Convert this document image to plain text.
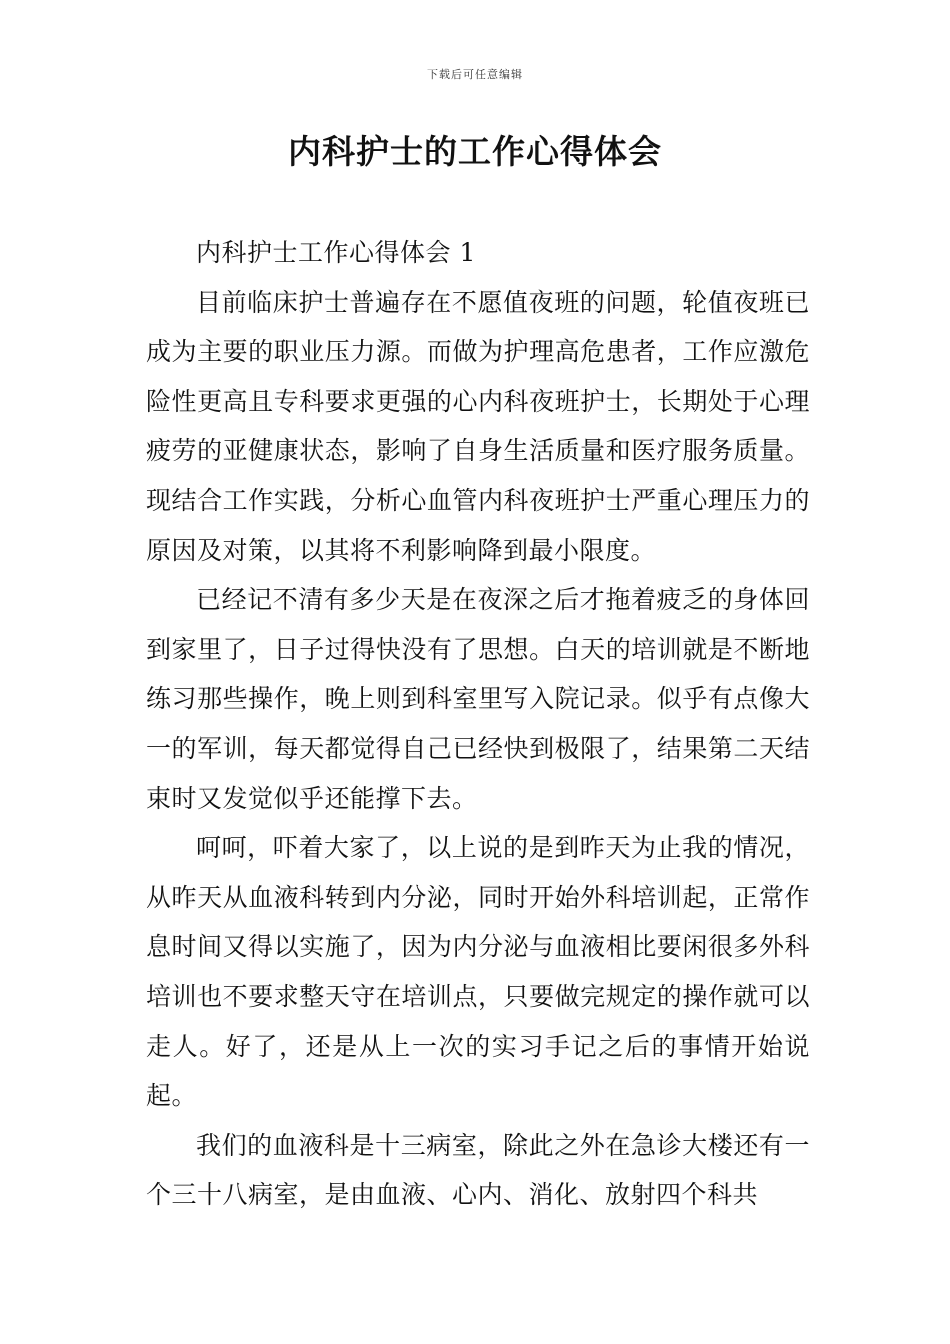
下载后可任意编辑
内科护士的工作心得体会

内科护士工作心得体会 1

目前临床护士普遍存在不愿值夜班的问题，轮值夜班已成为主要的职业压力源。而做为护理高危患者，工作应激危险性更高且专科要求更强的心内科夜班护士，长期处于心理疲劳的亚健康状态，影响了自身生活质量和医疗服务质量。现结合工作实践，分析心血管内科夜班护士严重心理压力的原因及对策，以其将不利影响降到最小限度。

已经记不清有多少天是在夜深之后才拖着疲乏的身体回到家里了，日子过得快没有了思想。白天的培训就是不断地练习那些操作，晚上则到科室里写入院记录。似乎有点像大一的军训，每天都觉得自己已经快到极限了，结果第二天结束时又发觉似乎还能撑下去。

呵呵，吓着大家了，以上说的是到昨天为止我的情况，从昨天从血液科转到内分泌，同时开始外科培训起，正常作息时间又得以实施了，因为内分泌与血液相比要闲很多外科培训也不要求整天守在培训点，只要做完规定的操作就可以走人。好了，还是从上一次的实习手记之后的事情开始说起。

我们的血液科是十三病室，除此之外在急诊大楼还有一个三十八病室，是由血液、心内、消化、放射四个科共
